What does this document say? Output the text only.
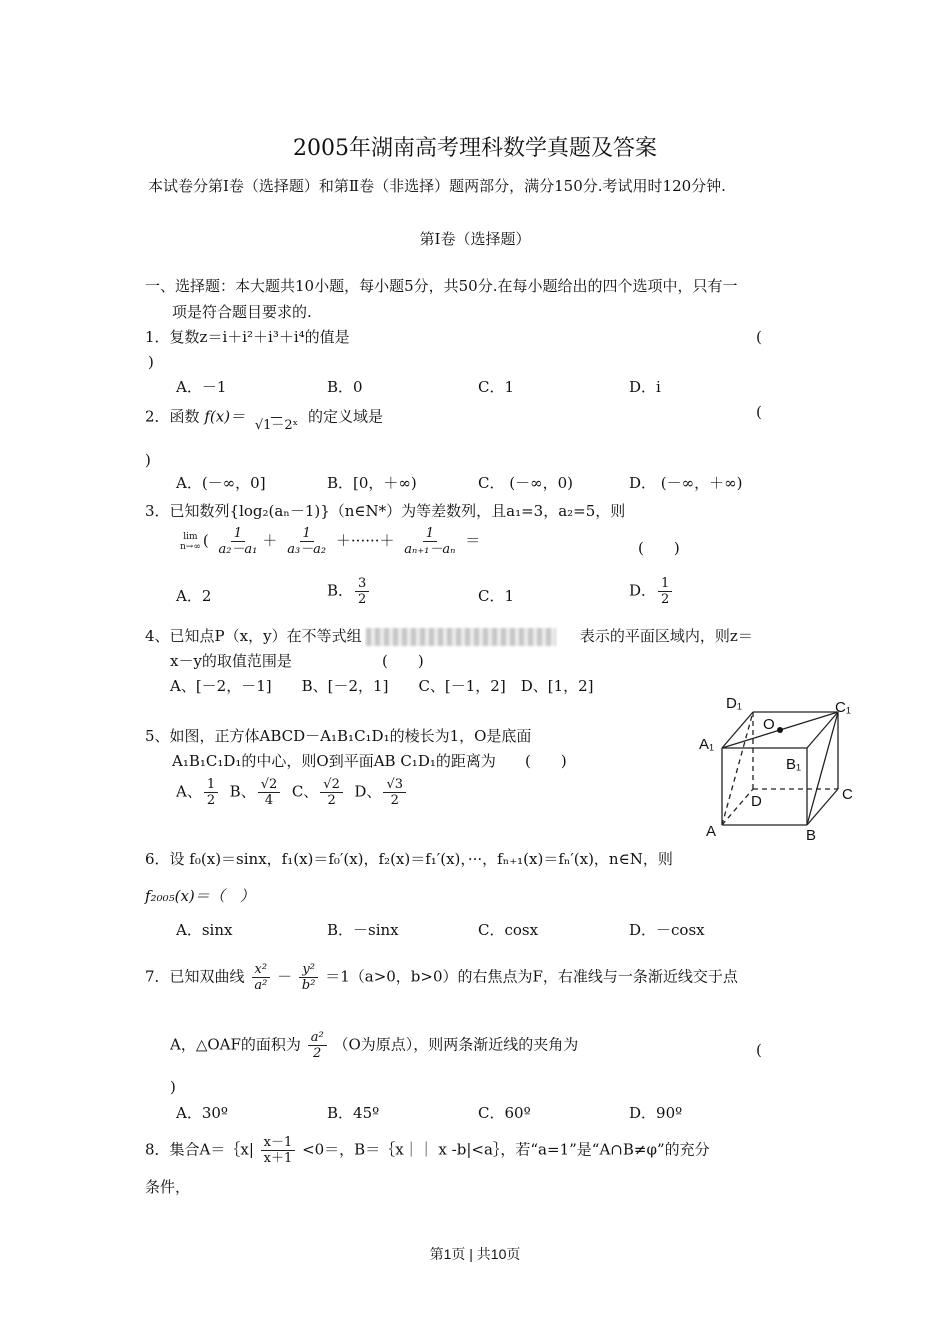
2005年湖南高考理科数学真题及答案
本试卷分第Ⅰ卷（选择题）和第Ⅱ卷（非选择）题两部分，满分150分.考试用时120分钟.
第Ⅰ卷（选择题）
一、选择题：本大题共10小题，每小题5分，共50分.在每小题给出的四个选项中，只有一
项是符合题目要求的.
1．复数z＝i＋i²＋i³＋i⁴的值是	(
)
A．－1	B．0	C．1	D．i
2．函数 f(x)＝
√1－2ˣ 的定义域是	(
)
A．(－∞，0]	B．[0，＋∞)	C． (－∞，0)	D． (－∞，＋∞)
3．已知数列{log₂(aₙ－1)}（n∈N*）为等差数列，且a₁=3，a₂=5，则
lim
n→∞ ( $\frac{1}{\text{a₂－a₁}} + \frac{1}{\text{a₃－a₂}}$ ＋······＋ $\frac{1}{\text{aₙ₊₁－aₙ}}$ ＝	(　　)
A．2	B． $\frac{3}{2}$	C．1	D． $\frac{1}{2}$
4、已知点P（x，y）在不等式组	表示的平面区域内，则z＝
x－y的取值范围是	(　　)
A、[－2，－1]　　B、[－2，1]　　C、[－1，2]　D、[1，2]
5、如图，正方体ABCD－A₁B₁C₁D₁的棱长为1，O是底面
A₁B₁C₁D₁的中心，则O到平面AB C₁D₁的距离为 (　　)
A、 $\frac{1}{2}$ B、 $\frac{√2}{4}$ C、 $\frac{√2}{2}$ D、 $\frac{√3}{2}$
D₁	C₁
O
A₁
B₁
D	C
A	B
6．设 f₀(x)＝sinx，f₁(x)＝f₀′(x)，f₂(x)＝f₁′(x)，···，fₙ₊₁(x)＝fₙ′(x)，n∈N，则
f₂₀₀₅(x)＝（　）
A．sinx	B．－sinx	C．cosx	D．－cosx
7．已知双曲线 $\frac{\text{x²}}{\text{a²}} - \frac{\text{y²}}{\text{b²}} =1(a>0$，b>0）的右焦点为F，右准线与一条渐近线交于点
A，△OAF的面积为 $\frac{\text{a²}}{2} (O$为原点），则两条渐近线的夹角为	(
)
A．30º	B．45º	C．60º	D．90º
8．集合A＝｛x| $\frac{x-1}{x+1} <0=$，B＝｛x｜｜ x -b|<a｝，若“a=1”是“A∩B≠φ”的充分
条件，
第1页 | 共10页
